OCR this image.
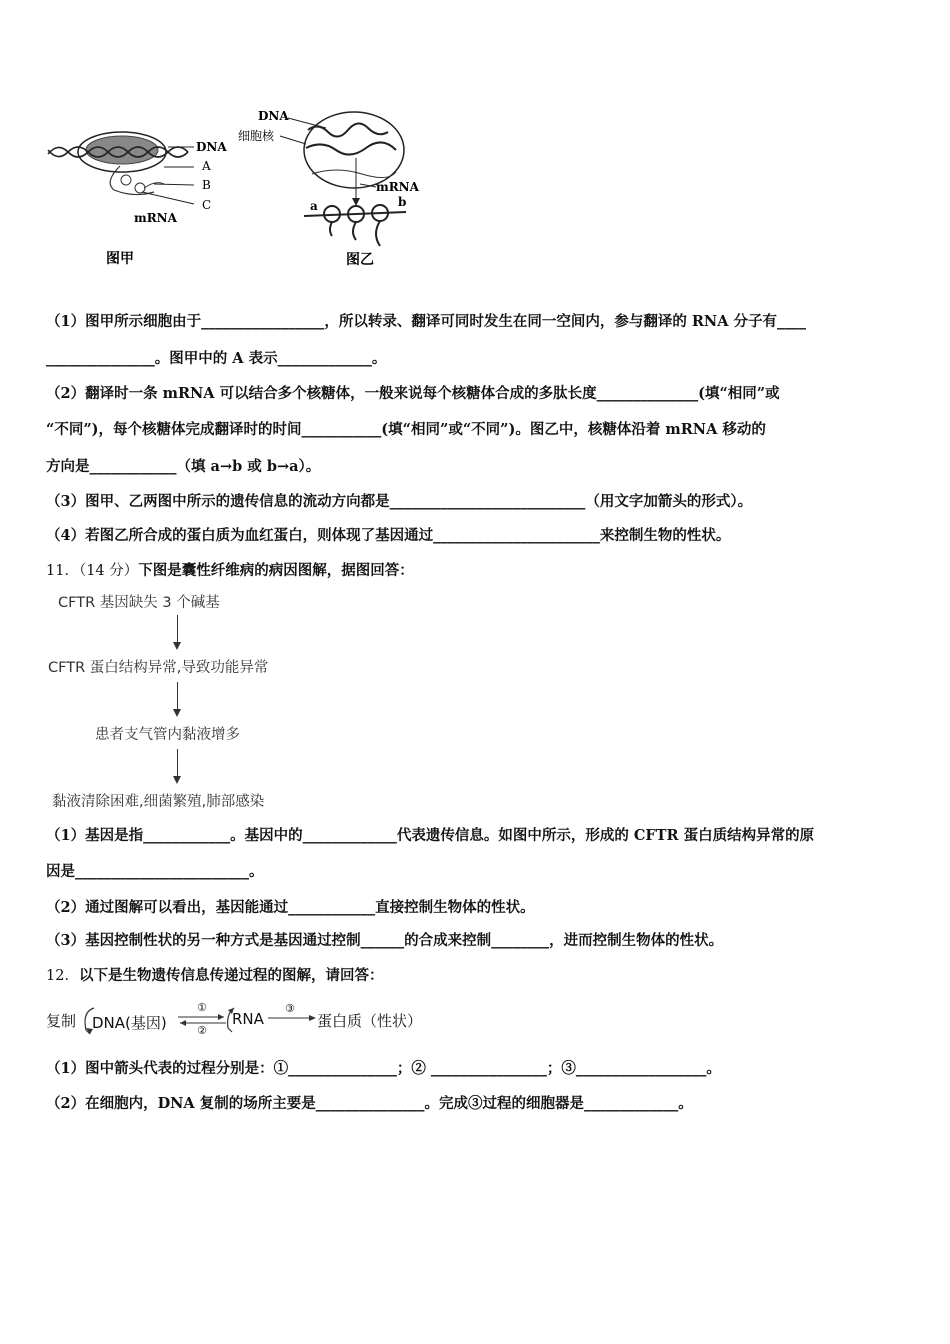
DNA
A
B
C
mRNA
图甲
DNA
细胞核
mRNA
a	b
图乙
（1）图甲所示细胞由于_________________，所以转录、翻译可同时发生在同一空间内，参与翻译的 RNA 分子有____
_______________。图甲中的 A 表示_____________。
（2）翻译时一条 mRNA 可以结合多个核糖体，一般来说每个核糖体合成的多肽长度______________(填“相同”或
“不同”)，每个核糖体完成翻译时的时间___________(填“相同”或“不同”)。图乙中，核糖体沿着 mRNA 移动的
方向是____________（填 a→b 或 b→a）。
（3）图甲、乙两图中所示的遗传信息的流动方向都是___________________________（用文字加箭头的形式）。
（4）若图乙所合成的蛋白质为血红蛋白，则体现了基因通过_______________________来控制生物的性状。
11．（14 分）下图是囊性纤维病的病因图解，据图回答：
CFTR 基因缺失 3 个碱基
CFTR 蛋白结构异常,导致功能异常
患者支气管内黏液增多
黏液清除困难,细菌繁殖,肺部感染
（1）基因是指____________。基因中的_____________代表遗传信息。如图中所示，形成的 CFTR 蛋白质结构异常的原
因是________________________。
（2）通过图解可以看出，基因能通过____________直接控制生物体的性状。
（3）基因控制性状的另一种方式是基因通过控制______的合成来控制________，进而控制生物体的性状。
12．以下是生物遗传信息传递过程的图解，请回答：
复制 DNA(基因)
①
②
RNA
③
蛋白质（性状）
（1）图中箭头代表的过程分别是：①_______________；② ________________；③__________________。
（2）在细胞内，DNA 复制的场所主要是_______________。完成③过程的细胞器是_____________。
